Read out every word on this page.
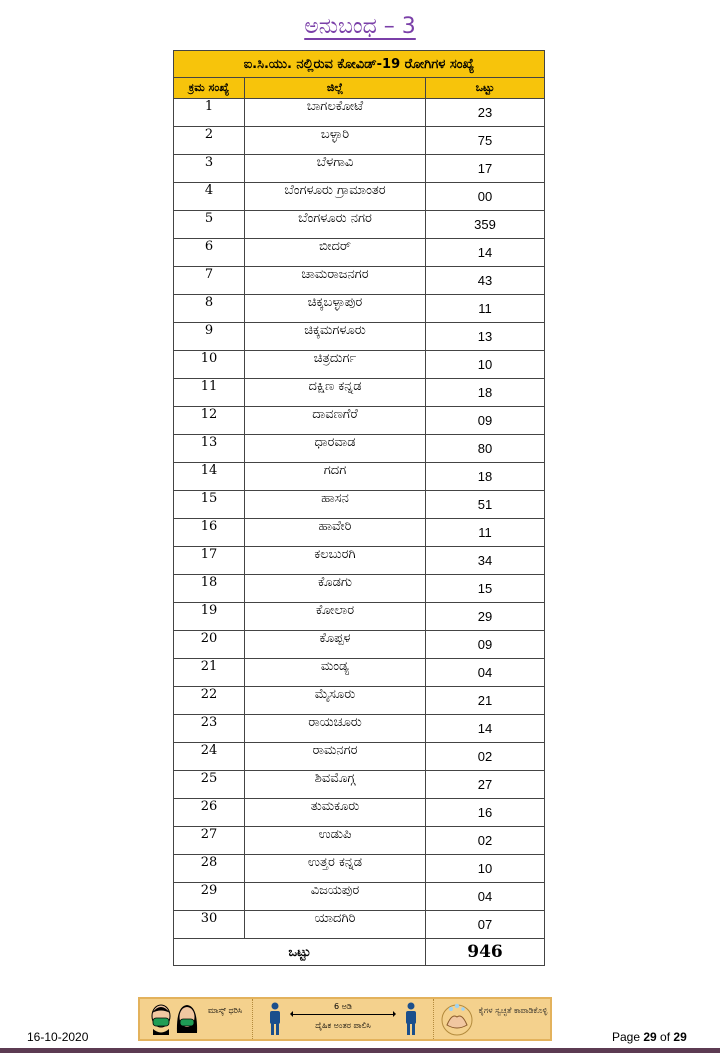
ಅನುಬಂಧ – 3
ಐ.ಸಿ.ಯು. ನಲ್ಲಿರುವ ಕೋವಿಡ್-19 ರೋಗಿಗಳ ಸಂಖ್ಯೆ		
ಕ್ರಮ ಸಂಖ್ಯೆ	ಜಿಲ್ಲೆ	ಒಟ್ಟು
1	ಬಾಗಲಕೋಟೆ	23
2	ಬಳ್ಳಾರಿ	75
3	ಬೆಳಗಾವಿ	17
4	ಬೆಂಗಳೂರು ಗ್ರಾಮಾಂತರ	00
5	ಬೆಂಗಳೂರು ನಗರ	359
6	ಬೀದರ್	14
7	ಚಾಮರಾಜನಗರ	43
8	ಚಿಕ್ಕಬಳ್ಳಾಪುರ	11
9	ಚಿಕ್ಕಮಗಳೂರು	13
10	ಚಿತ್ರದುರ್ಗ	10
11	ದಕ್ಷಿಣ ಕನ್ನಡ	18
12	ದಾವಣಗೆರೆ	09
13	ಧಾರವಾಡ	80
14	ಗದಗ	18
15	ಹಾಸನ	51
16	ಹಾವೇರಿ	11
17	ಕಲಬುರಗಿ	34
18	ಕೊಡಗು	15
19	ಕೋಲಾರ	29
20	ಕೊಪ್ಪಳ	09
21	ಮಂಡ್ಯ	04
22	ಮೈಸೂರು	21
23	ರಾಯಚೂರು	14
24	ರಾಮನಗರ	02
25	ಶಿವಮೊಗ್ಗ	27
26	ತುಮಕೂರು	16
27	ಉಡುಪಿ	02
28	ಉತ್ತರ ಕನ್ನಡ	10
29	ವಿಜಯಪುರ	04
30	ಯಾದಗಿರಿ	07
ಒಟ್ಟು		946
ಮಾಸ್ಕ್ ಧರಿಸಿ	6 ಅಡಿ
ದೈಹಿಕ ಅಂತರ ಪಾಲಿಸಿ
ಕೈಗಳ ಸ್ವಚ್ಛತೆ ಕಾಪಾಡಿಕೊಳ್ಳಿ
16-10-2020	Page 29 of 29
